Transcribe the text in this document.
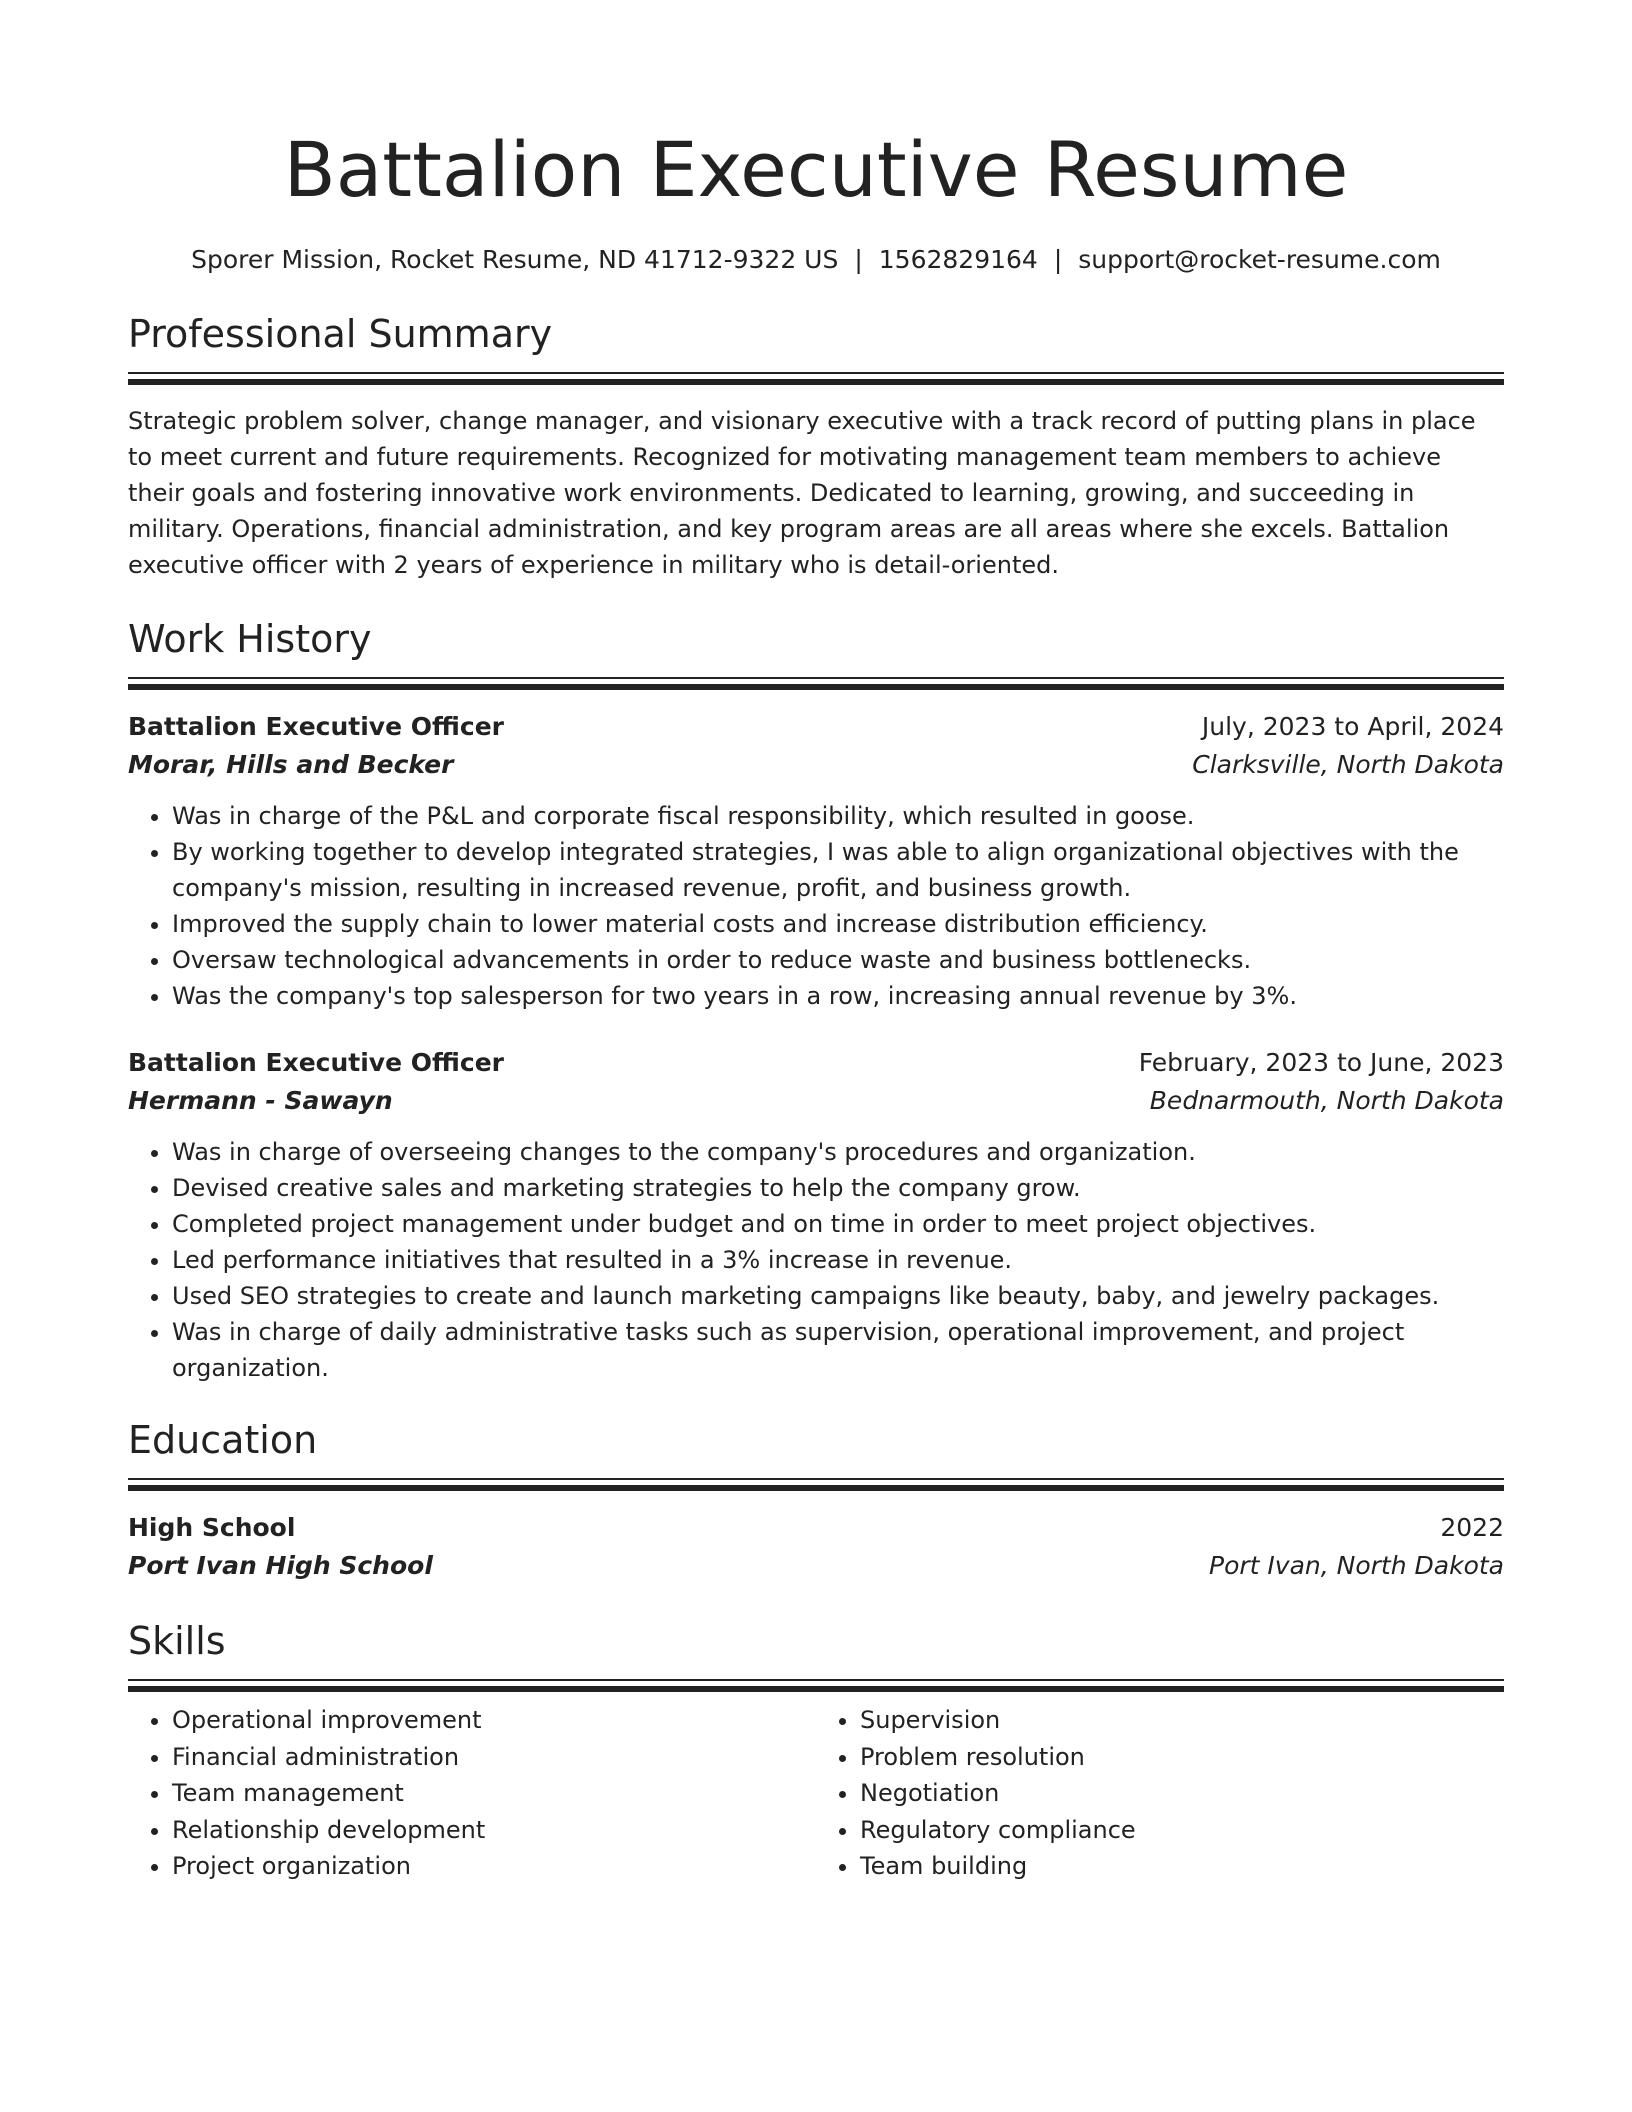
Battalion Executive Resume
Sporer Mission, Rocket Resume, ND 41712-9322 US | 1562829164 | support@rocket-resume.com
Professional Summary

Strategic problem solver, change manager, and visionary executive with a track record of putting plans in place to meet current and future requirements. Recognized for motivating management team members to achieve their goals and fostering innovative work environments. Dedicated to learning, growing, and succeeding in military. Operations, financial administration, and key program areas are all areas where she excels. Battalion executive officer with 2 years of experience in military who is detail-oriented.

Work History
Battalion Executive Officer	July, 2023 to April, 2024
Morar, Hills and Becker	Clarksville, North Dakota
• Was in charge of the P&L and corporate fiscal responsibility, which resulted in goose.
• By working together to develop integrated strategies, I was able to align organizational objectives with the company's mission, resulting in increased revenue, profit, and business growth.
• Improved the supply chain to lower material costs and increase distribution efficiency.
• Oversaw technological advancements in order to reduce waste and business bottlenecks.
• Was the company's top salesperson for two years in a row, increasing annual revenue by 3%.
Battalion Executive Officer	February, 2023 to June, 2023
Hermann - Sawayn	Bednarmouth, North Dakota
• Was in charge of overseeing changes to the company's procedures and organization.
• Devised creative sales and marketing strategies to help the company grow.
• Completed project management under budget and on time in order to meet project objectives.
• Led performance initiatives that resulted in a 3% increase in revenue.
• Used SEO strategies to create and launch marketing campaigns like beauty, baby, and jewelry packages.
• Was in charge of daily administrative tasks such as supervision, operational improvement, and project organization.
Education
High School	2022
Port Ivan High School	Port Ivan, North Dakota
Skills
• Operational improvement
• Financial administration
• Team management
• Relationship development
• Project organization
• Supervision
• Problem resolution
• Negotiation
• Regulatory compliance
• Team building
